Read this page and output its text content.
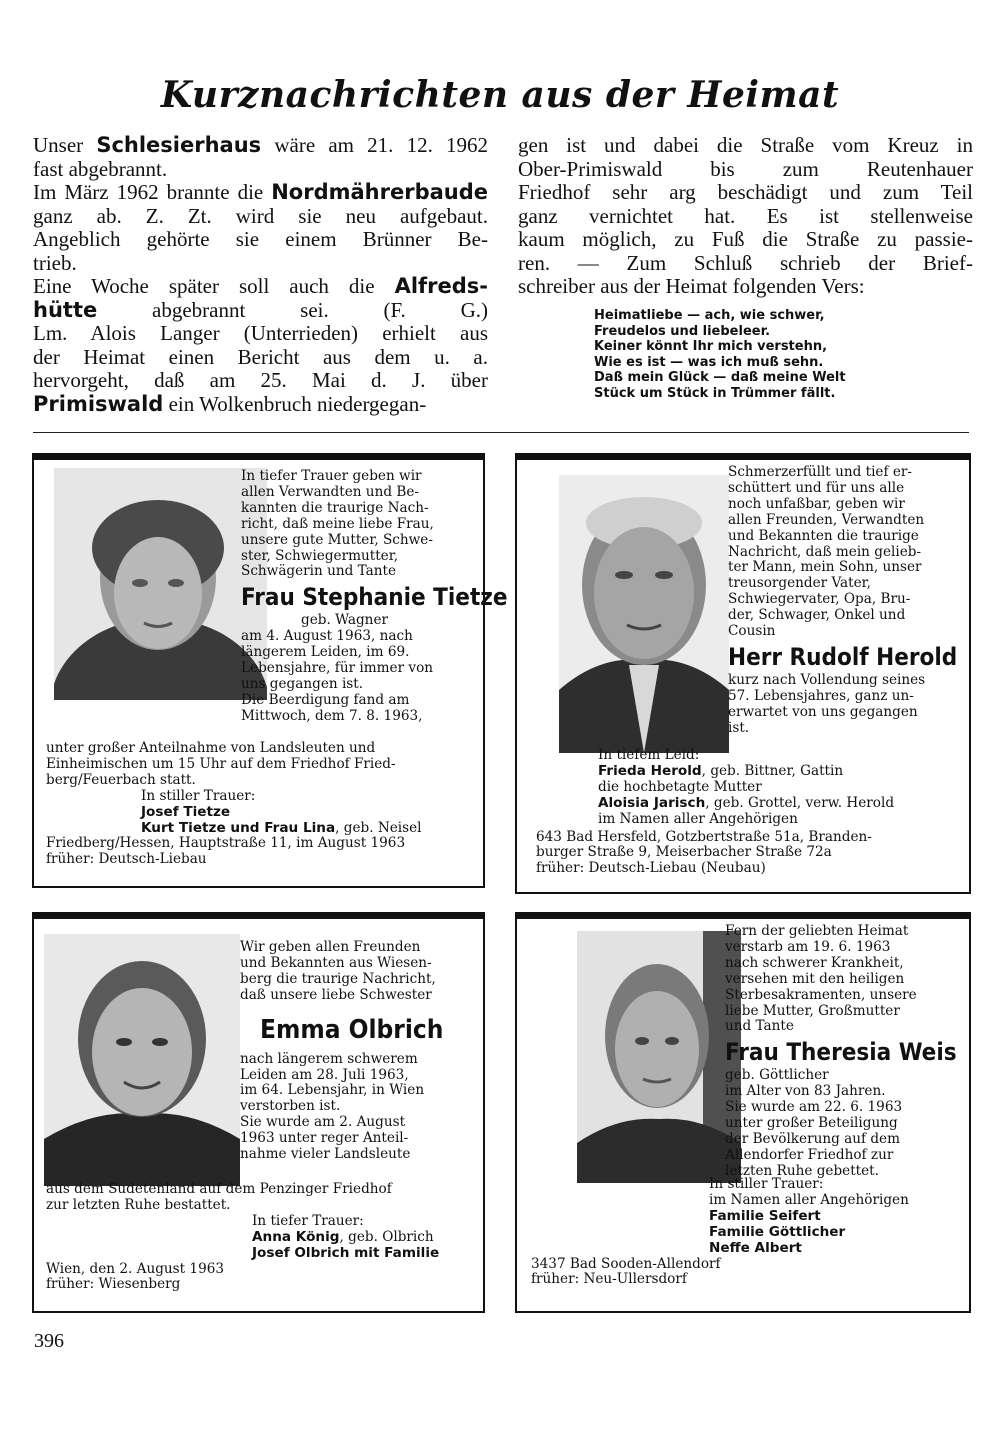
Kurznachrichten aus der Heimat
Unser Schlesierhaus wäre am 21. 12. 1962
fast abgebrannt.
Im März 1962 brannte die Nordmährerbaude
ganz ab. Z. Zt. wird sie neu aufgebaut.
Angeblich gehörte sie einem Brünner Be-
trieb.
Eine Woche später soll auch die Alfreds-
hütte abgebrannt sei. (F. G.)
Lm. Alois Langer (Unterrieden) erhielt aus
der Heimat einen Bericht aus dem u. a.
hervorgeht, daß am 25. Mai d. J. über
Primiswald ein Wolkenbruch niedergegan-
gen ist und dabei die Straße vom Kreuz in
Ober-Primiswald bis zum Reutenhauer
Friedhof sehr arg beschädigt und zum Teil
ganz vernichtet hat. Es ist stellenweise
kaum möglich, zu Fuß die Straße zu passie-
ren. — Zum Schluß schrieb der Brief-
schreiber aus der Heimat folgenden Vers:
Heimatliebe — ach, wie schwer,
Freudelos und liebeleer.
Keiner könnt Ihr mich verstehn,
Wie es ist — was ich muß sehn.
Daß mein Glück — daß meine Welt
Stück um Stück in Trümmer fällt.
In tiefer Trauer geben wir
allen Verwandten und Be-
kannten die traurige Nach-
richt, daß meine liebe Frau,
unsere gute Mutter, Schwe-
ster, Schwiegermutter,
Schwägerin und Tante
Frau Stephanie Tietze
geb. Wagner
am 4. August 1963, nach
längerem Leiden, im 69.
Lebensjahre, für immer von
uns gegangen ist.
Die Beerdigung fand am
Mittwoch, dem 7. 8. 1963,
unter großer Anteilnahme von Landsleuten und
Einheimischen um 15 Uhr auf dem Friedhof Fried-
berg/Feuerbach statt.
In stiller Trauer:
Josef Tietze
Kurt Tietze und Frau Lina, geb. Neisel
Friedberg/Hessen, Hauptstraße 11, im August 1963
früher: Deutsch-Liebau
Schmerzerfüllt und tief er-
schüttert und für uns alle
noch unfaßbar, geben wir
allen Freunden, Verwandten
und Bekannten die traurige
Nachricht, daß mein gelieb-
ter Mann, mein Sohn, unser
treusorgender Vater,
Schwiegervater, Opa, Bru-
der, Schwager, Onkel und
Cousin
Herr Rudolf Herold
kurz nach Vollendung seines
57. Lebensjahres, ganz un-
erwartet von uns gegangen
ist.
In tiefem Leid:
Frieda Herold, geb. Bittner, Gattin
die hochbetagte Mutter
Aloisia Jarisch, geb. Grottel, verw. Herold
im Namen aller Angehörigen
643 Bad Hersfeld, Gotzbertstraße 51a, Branden-
burger Straße 9, Meiserbacher Straße 72a
früher: Deutsch-Liebau (Neubau)
Wir geben allen Freunden
und Bekannten aus Wiesen-
berg die traurige Nachricht,
daß unsere liebe Schwester
Emma Olbrich
nach längerem schwerem
Leiden am 28. Juli 1963,
im 64. Lebensjahr, in Wien
verstorben ist.
Sie wurde am 2. August
1963 unter reger Anteil-
nahme vieler Landsleute
aus dem Sudetenland auf dem Penzinger Friedhof
zur letzten Ruhe bestattet.
In tiefer Trauer:
Anna König, geb. Olbrich
Josef Olbrich mit Familie
Wien, den 2. August 1963
früher: Wiesenberg
Fern der geliebten Heimat
verstarb am 19. 6. 1963
nach schwerer Krankheit,
versehen mit den heiligen
Sterbesakramenten, unsere
liebe Mutter, Großmutter
und Tante
Frau Theresia Weis
geb. Göttlicher
im Alter von 83 Jahren.
Sie wurde am 22. 6. 1963
unter großer Beteiligung
der Bevölkerung auf dem
Allendorfer Friedhof zur
letzten Ruhe gebettet.
In stiller Trauer:
im Namen aller Angehörigen
Familie Seifert
Familie Göttlicher
Neffe Albert
3437 Bad Sooden-Allendorf
früher: Neu-Ullersdorf
396
